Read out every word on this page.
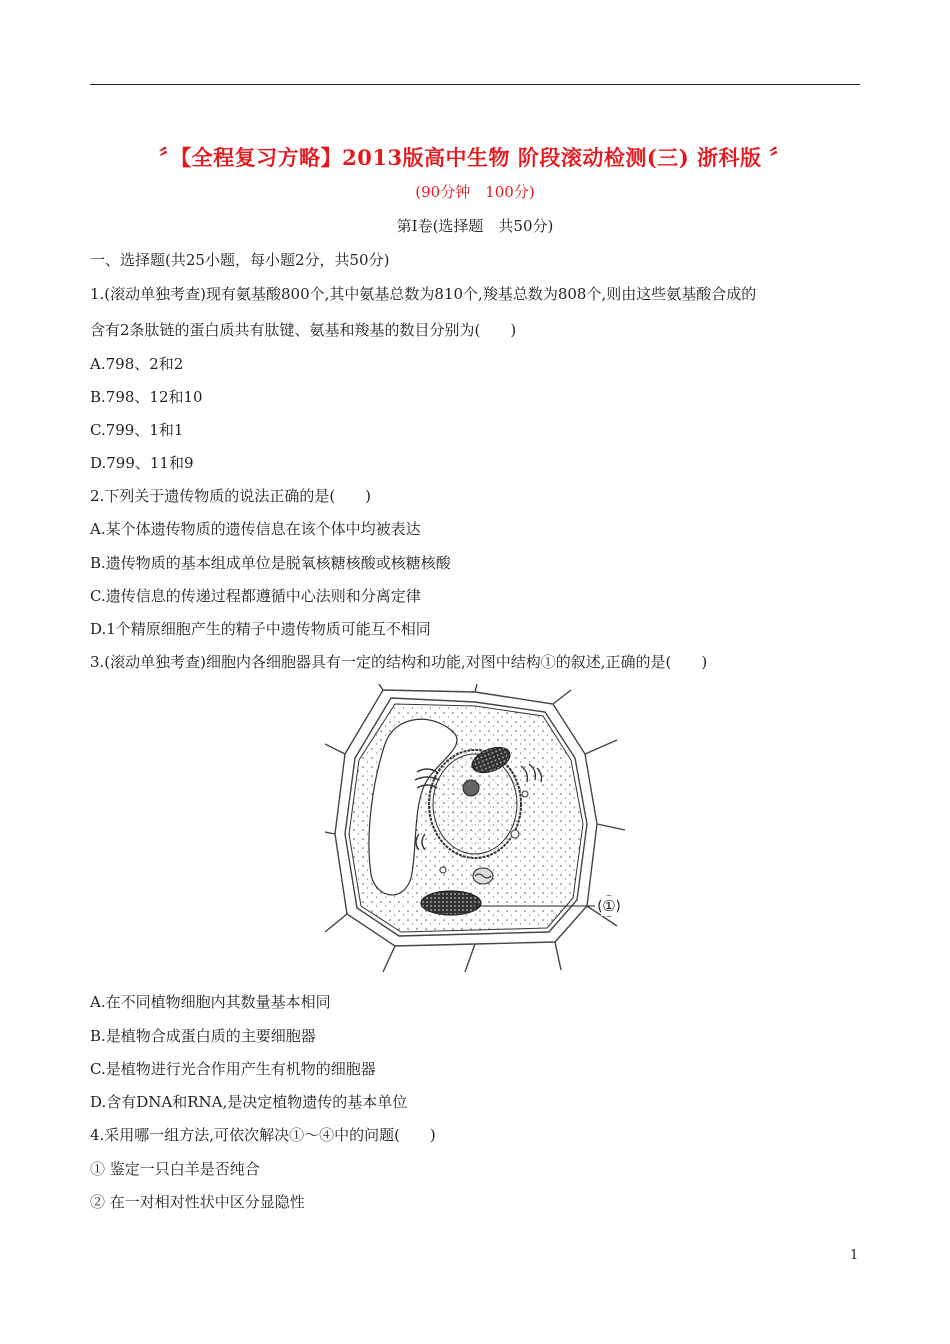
〞【全程复习方略】2013版高中生物 阶段滚动检测(三) 浙科版 〞
(90分钟　100分)
第Ⅰ卷(选择题　共50分)
一、选择题(共25小题，每小题2分，共50分)
1.(滚动单独考查)现有氨基酸800个,其中氨基总数为810个,羧基总数为808个,则由这些氨基酸合成的
含有2条肽链的蛋白质共有肽键、氨基和羧基的数目分别为(　　)
A.798、2和2
B.798、12和10
C.799、1和1
D.799、11和9
2.下列关于遗传物质的说法正确的是(　　)
A.某个体遗传物质的遗传信息在该个体中均被表达
B.遗传物质的基本组成单位是脱氧核糖核酸或核糖核酸
C.遗传信息的传递过程都遵循中心法则和分离定律
D.1个精原细胞产生的精子中遗传物质可能互不相同
3.(滚动单独考查)细胞内各细胞器具有一定的结构和功能,对图中结构①的叙述,正确的是(　　)
①
A.在不同植物细胞内其数量基本相同
B.是植物合成蛋白质的主要细胞器
C.是植物进行光合作用产生有机物的细胞器
D.含有DNA和RNA,是决定植物遗传的基本单位
4.采用哪一组方法,可依次解决①～④中的问题(　　)
① 鉴定一只白羊是否纯合
② 在一对相对性状中区分显隐性
1
